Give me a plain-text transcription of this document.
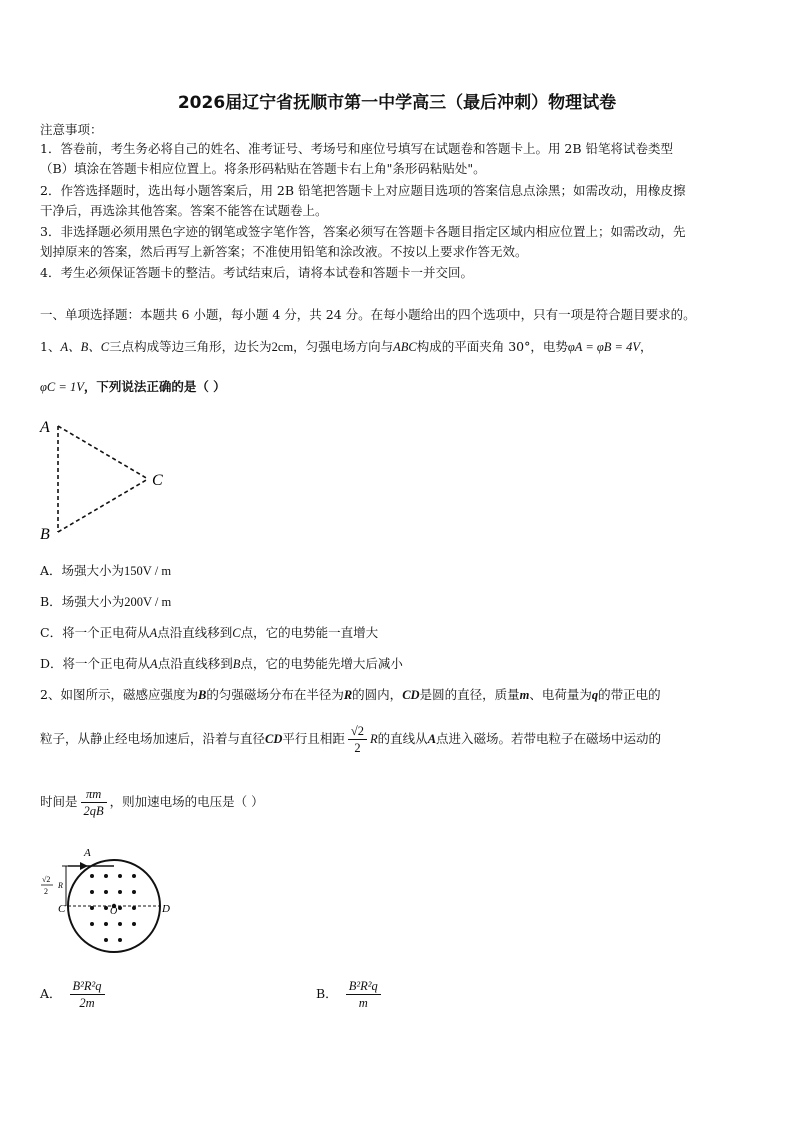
2026届辽宁省抚顺市第一中学高三（最后冲刺）物理试卷
注意事项：
1．答卷前，考生务必将自己的姓名、准考证号、考场号和座位号填写在试题卷和答题卡上。用 2B 铅笔将试卷类型
（B）填涂在答题卡相应位置上。将条形码粘贴在答题卡右上角"条形码粘贴处"。
2．作答选择题时，选出每小题答案后，用 2B 铅笔把答题卡上对应题目选项的答案信息点涂黑；如需改动，用橡皮擦
干净后，再选涂其他答案。答案不能答在试题卷上。
3．非选择题必须用黑色字迹的钢笔或签字笔作答，答案必须写在答题卡各题目指定区域内相应位置上；如需改动，先
划掉原来的答案，然后再写上新答案；不准使用铅笔和涂改液。不按以上要求作答无效。
4．考生必须保证答题卡的整洁。考试结束后，请将本试卷和答题卡一并交回。
一、单项选择题：本题共 6 小题，每小题 4 分，共 24 分。在每小题给出的四个选项中，只有一项是符合题目要求的。
1、A、B、C三点构成等边三角形，边长为2cm，匀强电场方向与ABC构成的平面夹角 30°，电势φA = φB = 4V，
φC = 1V，下列说法正确的是（ ）
A
B
C
A．场强大小为150V / m
B．场强大小为200V / m
C．将一个正电荷从A点沿直线移到C点，它的电势能一直增大
D．将一个正电荷从A点沿直线移到B点，它的电势能先增大后减小
2、如图所示，磁感应强度为B的匀强磁场分布在半径为R的圆内，CD是圆的直径，质量m、电荷量为q的带正电的
粒子，从静止经电场加速后，沿着与直径CD平行且相距 $\frac{√2}{2}$ R的直线从A点进入磁场。若带电粒子在磁场中运动的
时间是 $\frac{\pi m}{2qB}$ ，则加速电场的电压是（ ）
A
C	D
O
R
√2
2
A． $\frac{\text{B²R²q}}{2m}$	B． $\frac{\text{B²R²q}}{m}$
